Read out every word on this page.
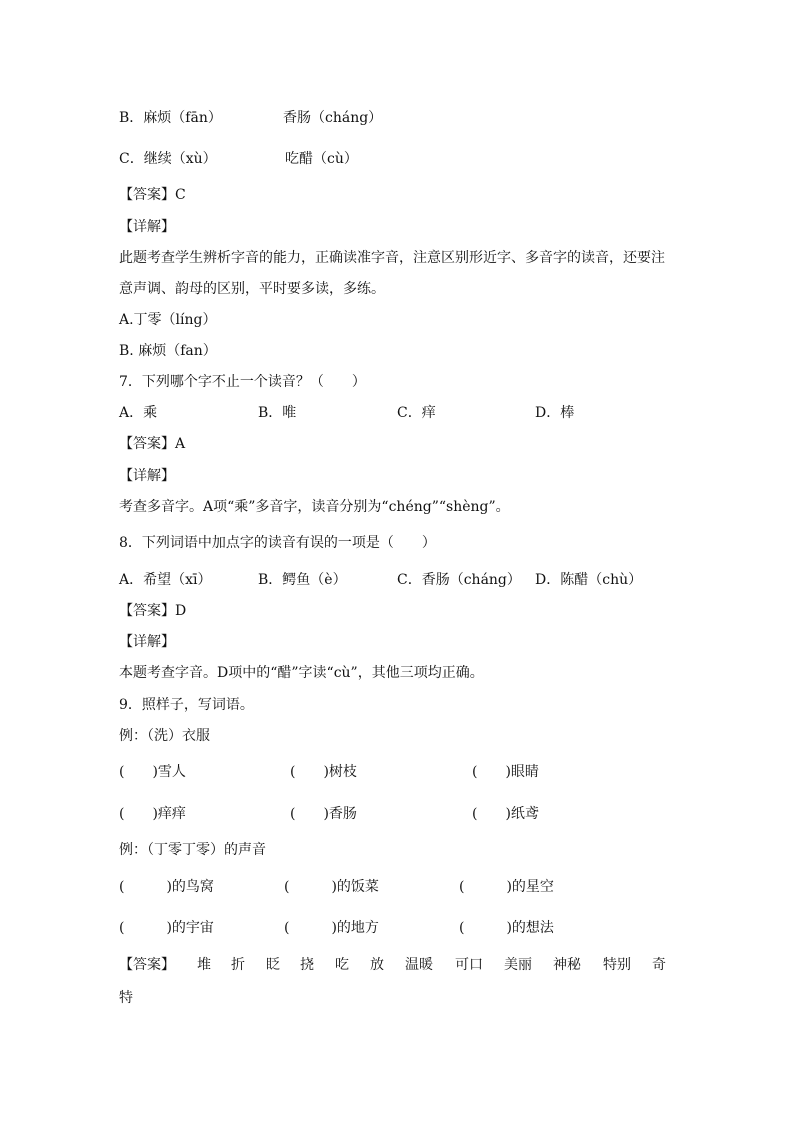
B．麻烦（fān）	香肠（cháng）
C．继续（xù）	吃醋（cù）
【答案】C
【详解】
此题考查学生辨析字音的能力，正确读准字音，注意区别形近字、多音字的读音，还要注
意声调、韵母的区别，平时要多读，多练。
A.丁零（líng）
B. 麻烦（fan）
7．下列哪个字不止一个读音？（　　）
A．乘	B．唯	C．痒	D．棒
【答案】A
【详解】
考查多音字。A项“乘”多音字，读音分别为“chéng”“shèng”。
8．下列词语中加点字的读音有误的一项是（　　）
A．希望（xī）	B．鳄鱼（è）	C．香肠（cháng） D．陈醋（chù）
【答案】D
【详解】
本题考查字音。D项中的“醋”字读“cù”，其他三项均正确。
9．照样子，写词语。
例：（洗）衣服
(　　)雪人	(　　)树枝	(　　)眼睛
(　　)痒痒	(　　)香肠	(　　)纸鸢
例：（丁零丁零）的声音
(　　　)的鸟窝	(　　　)的饭菜	(　　　)的星空
(　　　)的宇宙	(　　　)的地方	(　　　)的想法
【答案】 堆 折 眨 挠 吃 放 温暖 可口 美丽 神秘 特别 奇
特
